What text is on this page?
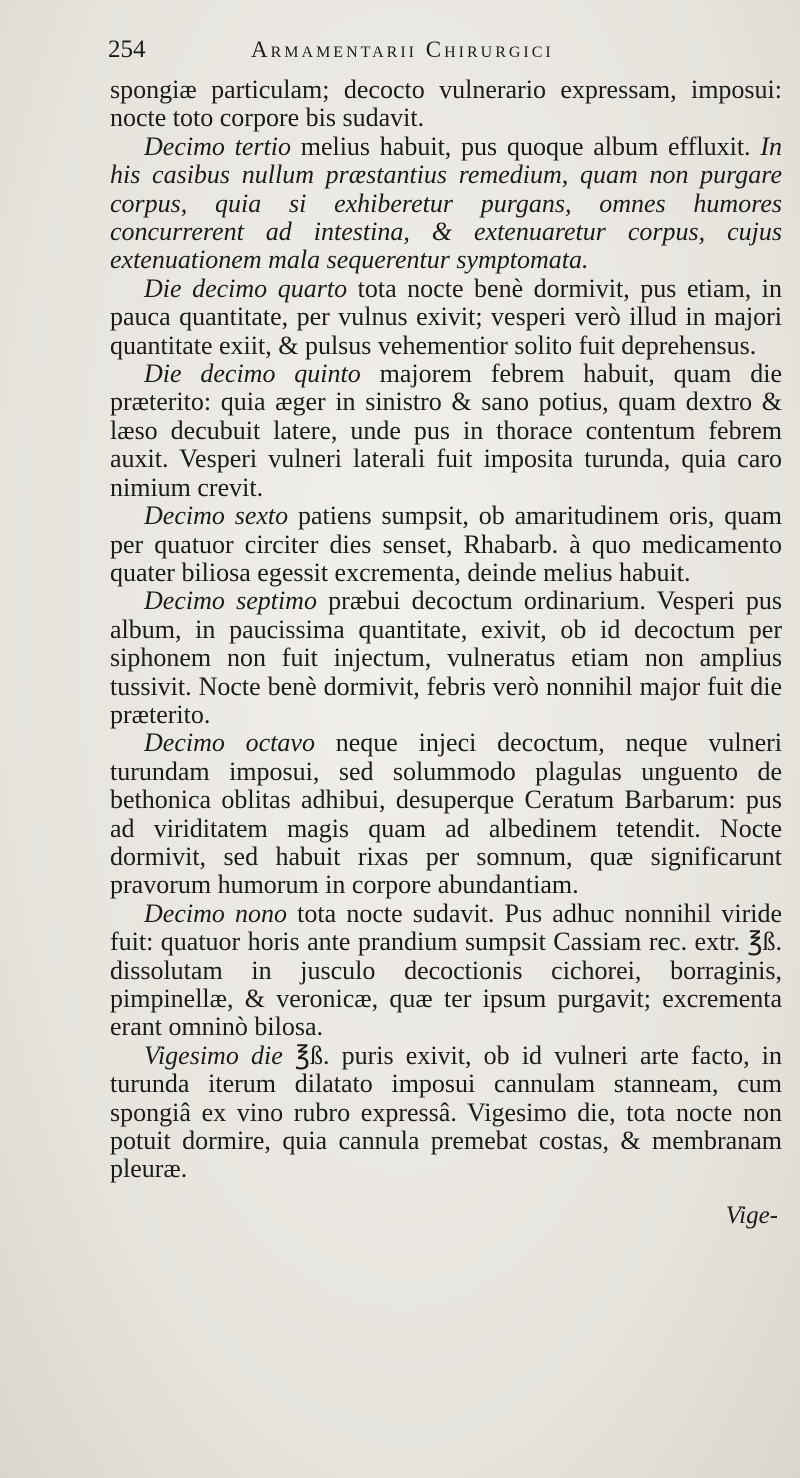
254	Armamentarii Chirurgici

spongiæ particulam; decocto vulnerario expressam, imposui: nocte toto corpore bis sudavit.

Decimo tertio melius habuit, pus quoque album effluxit. In his casibus nullum præstantius remedium, quam non purgare corpus, quia si exhiberetur purgans, omnes humores concurrerent ad intestina, & extenuaretur corpus, cujus extenuationem mala sequerentur symptomata.

Die decimo quarto tota nocte benè dormivit, pus etiam, in pauca quantitate, per vulnus exivit; vesperi verò illud in majori quantitate exiit, & pulsus vehementior solito fuit deprehensus.

Die decimo quinto majorem febrem habuit, quam die præterito: quia æger in sinistro & sano potius, quam dextro & læso decubuit latere, unde pus in thorace contentum febrem auxit. Vesperi vulneri laterali fuit imposita turunda, quia caro nimium crevit.

Decimo sexto patiens sumpsit, ob amaritudinem oris, quam per quatuor circiter dies senset, Rhabarb. à quo medicamento quater biliosa egessit excrementa, deinde melius habuit.

Decimo septimo præbui decoctum ordinarium. Vesperi pus album, in paucissima quantitate, exivit, ob id decoctum per siphonem non fuit injectum, vulneratus etiam non amplius tussivit. Nocte benè dormivit, febris verò nonnihil major fuit die præterito.

Decimo octavo neque injeci decoctum, neque vulneri turundam imposui, sed solummodo plagulas unguento de bethonica oblitas adhibui, desuperque Ceratum Barbarum: pus ad viriditatem magis quam ad albedinem tetendit. Nocte dormivit, sed habuit rixas per somnum, quæ significarunt pravorum humorum in corpore abundantiam.

Decimo nono tota nocte sudavit. Pus adhuc nonnihil viride fuit: quatuor horis ante prandium sumpsit Cassiam rec. extr. ℥ß. dissolutam in jusculo decoctionis cichorei, borraginis, pimpinellæ, & veronicæ, quæ ter ipsum purgavit; excrementa erant omninò bilosa.

Vigesimo die ℥ß. puris exivit, ob id vulneri arte facto, in turunda iterum dilatato imposui cannulam stanneam, cum spongiâ ex vino rubro expressâ. Vigesimo die, tota nocte non potuit dormire, quia cannula premebat costas, & membranam pleuræ.

Vige-
